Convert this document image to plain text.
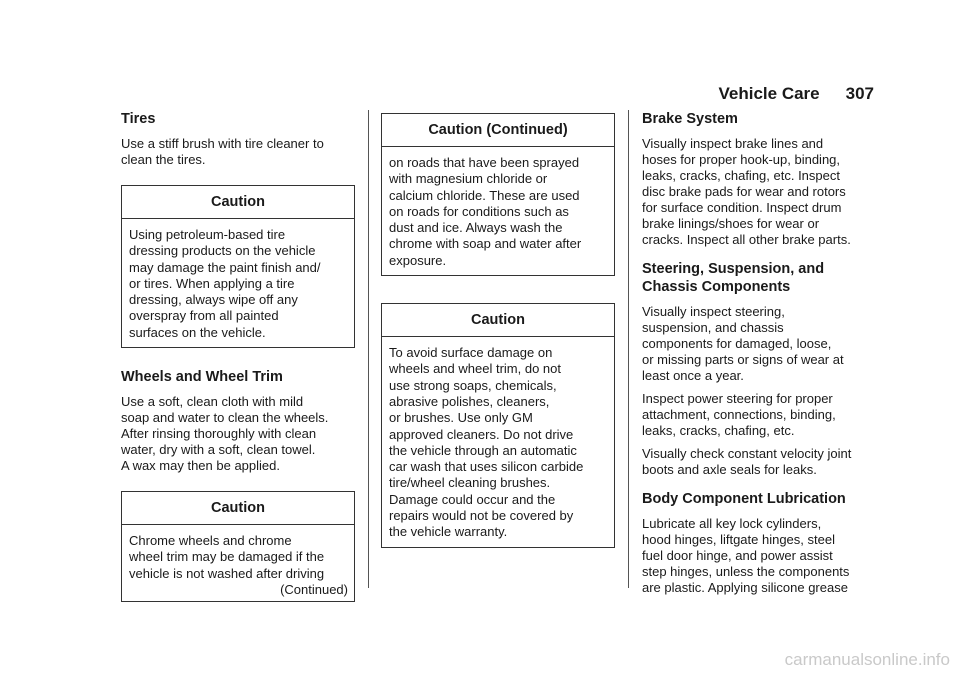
Vehicle Care 307
Tires

Use a stiff brush with tire cleaner to
clean the tires.

Caution
Using petroleum-based tire
dressing products on the vehicle
may damage the paint finish and/
or tires. When applying a tire
dressing, always wipe off any
overspray from all painted
surfaces on the vehicle.
Wheels and Wheel Trim

Use a soft, clean cloth with mild
soap and water to clean the wheels.
After rinsing thoroughly with clean
water, dry with a soft, clean towel.
A wax may then be applied.

Caution
Chrome wheels and chrome
wheel trim may be damaged if the
vehicle is not washed after driving
(Continued)
Caution (Continued)
on roads that have been sprayed
with magnesium chloride or
calcium chloride. These are used
on roads for conditions such as
dust and ice. Always wash the
chrome with soap and water after
exposure.
Caution
To avoid surface damage on
wheels and wheel trim, do not
use strong soaps, chemicals,
abrasive polishes, cleaners,
or brushes. Use only GM
approved cleaners. Do not drive
the vehicle through an automatic
car wash that uses silicon carbide
tire/wheel cleaning brushes.
Damage could occur and the
repairs would not be covered by
the vehicle warranty.
Brake System

Visually inspect brake lines and
hoses for proper hook-up, binding,
leaks, cracks, chafing, etc. Inspect
disc brake pads for wear and rotors
for surface condition. Inspect drum
brake linings/shoes for wear or
cracks. Inspect all other brake parts.

Steering, Suspension, and
Chassis Components

Visually inspect steering,
suspension, and chassis
components for damaged, loose,
or missing parts or signs of wear at
least once a year.

Inspect power steering for proper
attachment, connections, binding,
leaks, cracks, chafing, etc.

Visually check constant velocity joint
boots and axle seals for leaks.

Body Component Lubrication

Lubricate all key lock cylinders,
hood hinges, liftgate hinges, steel
fuel door hinge, and power assist
step hinges, unless the components
are plastic. Applying silicone grease

carmanualsonline.info
